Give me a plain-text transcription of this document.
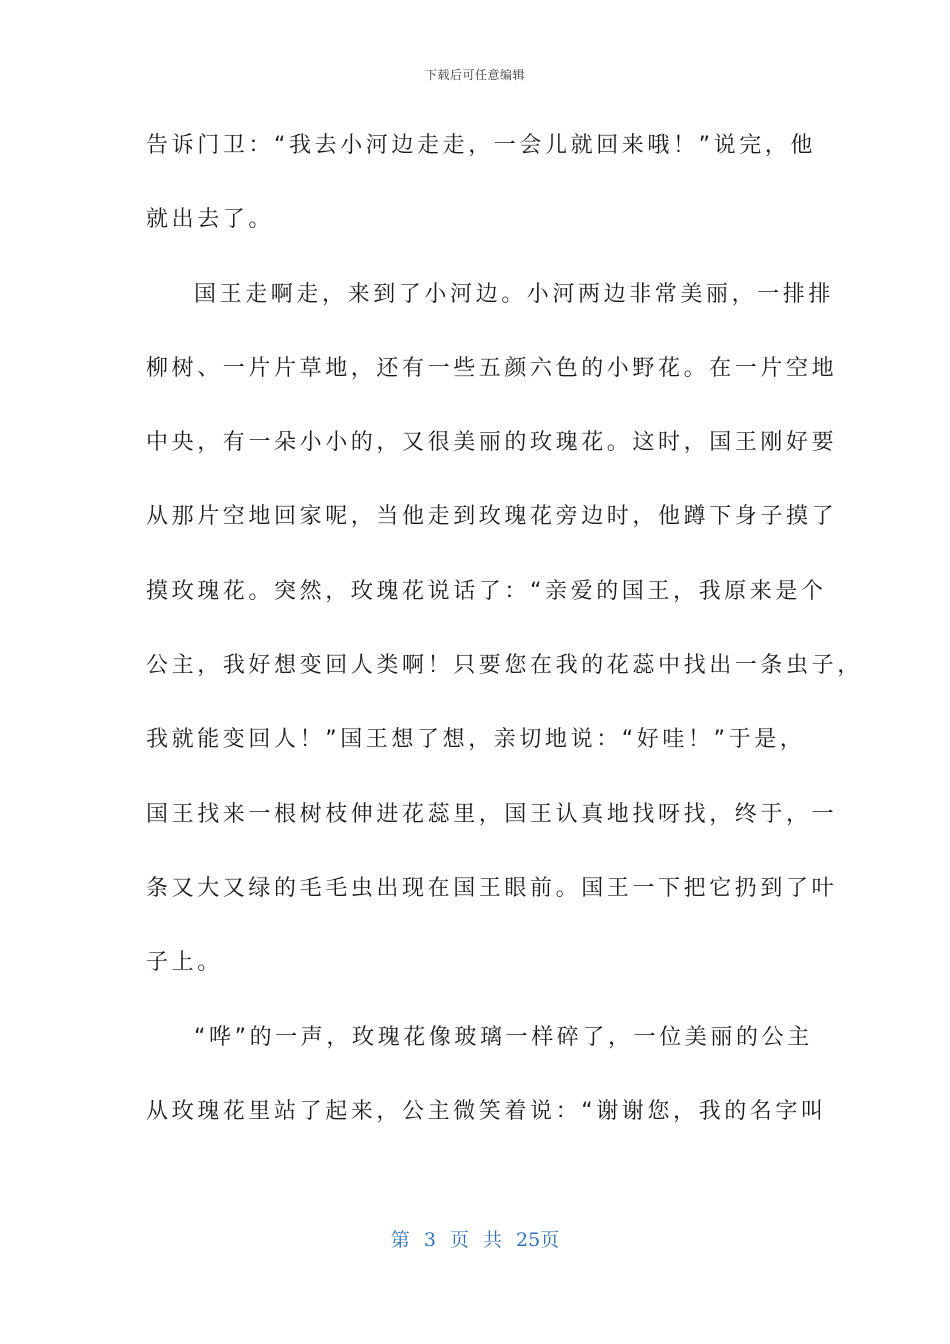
下载后可任意编辑
告诉门卫：“我去小河边走走，一会儿就回来哦！”说完，他
就出去了。
国王走啊走，来到了小河边。小河两边非常美丽，一排排
柳树、一片片草地，还有一些五颜六色的小野花。在一片空地
中央，有一朵小小的，又很美丽的玫瑰花。这时，国王刚好要
从那片空地回家呢，当他走到玫瑰花旁边时，他蹲下身子摸了
摸玫瑰花。突然，玫瑰花说话了：“亲爱的国王，我原来是个
公主，我好想变回人类啊！只要您在我的花蕊中找出一条虫子，
我就能变回人！”国王想了想，亲切地说：“好哇！”于是，
国王找来一根树枝伸进花蕊里，国王认真地找呀找，终于，一
条又大又绿的毛毛虫出现在国王眼前。国王一下把它扔到了叶
子上。
“哗”的一声，玫瑰花像玻璃一样碎了，一位美丽的公主
从玫瑰花里站了起来，公主微笑着说：“谢谢您，我的名字叫
第 3 页 共 25页
